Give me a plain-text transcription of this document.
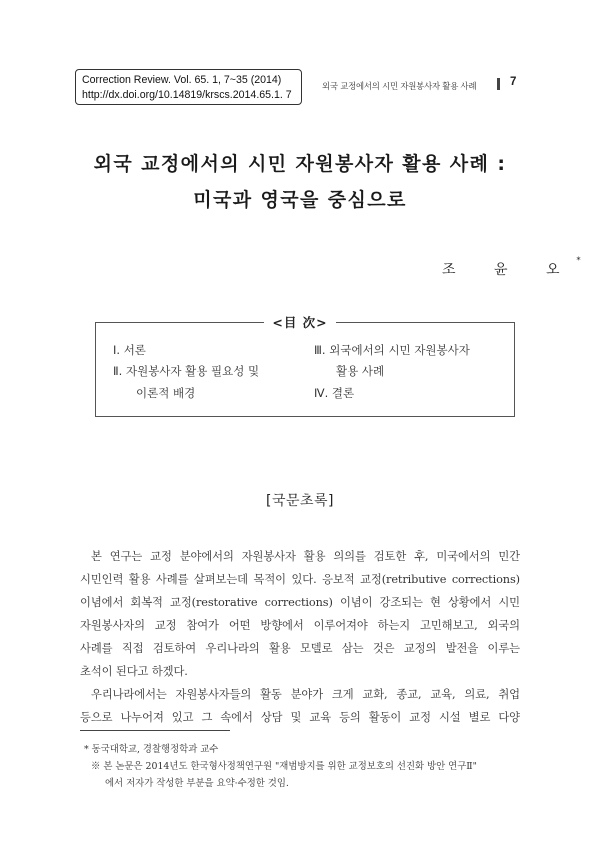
Correction Review. Vol. 65. 1, 7~35 (2014)
http://dx.doi.org/10.14819/krscs.2014.65.1. 7
외국 교정에서의 시민 자원봉사자 활용 사례	7
외국 교정에서의 시민 자원봉사자 활용 사례 :
미국과 영국을 중심으로
조 윤 오*
<目 次>
Ⅰ. 서론
Ⅱ. 자원봉사자 활용 필요성 및
이론적 배경
Ⅲ. 외국에서의 시민 자원봉사자
활용 사례
Ⅳ. 결론
[국문초록]
본 연구는 교정 분야에서의 자원봉사자 활용 의의를 검토한 후, 미국에서의 민간
시민인력 활용 사례를 살펴보는데 목적이 있다. 응보적 교정(retributive corrections)
이념에서 회복적 교정(restorative corrections) 이념이 강조되는 현 상황에서 시민
자원봉사자의 교정 참여가 어떤 방향에서 이루어져야 하는지 고민해보고, 외국의
사례를 직접 검토하여 우리나라의 활용 모델로 삼는 것은 교정의 발전을 이루는
초석이 된다고 하겠다.
우리나라에서는 자원봉사자들의 활동 분야가 크게 교화, 종교, 교육, 의료, 취업
등으로 나누어져 있고 그 속에서 상담 및 교육 등의 활동이 교정 시설 별로 다양
* 동국대학교, 경찰행정학과 교수
※ 본 논문은 2014년도 한국형사정책연구원 "재범방지를 위한 교정보호의 선진화 방안 연구Ⅱ"
에서 저자가 작성한 부분을 요약·수정한 것임.
